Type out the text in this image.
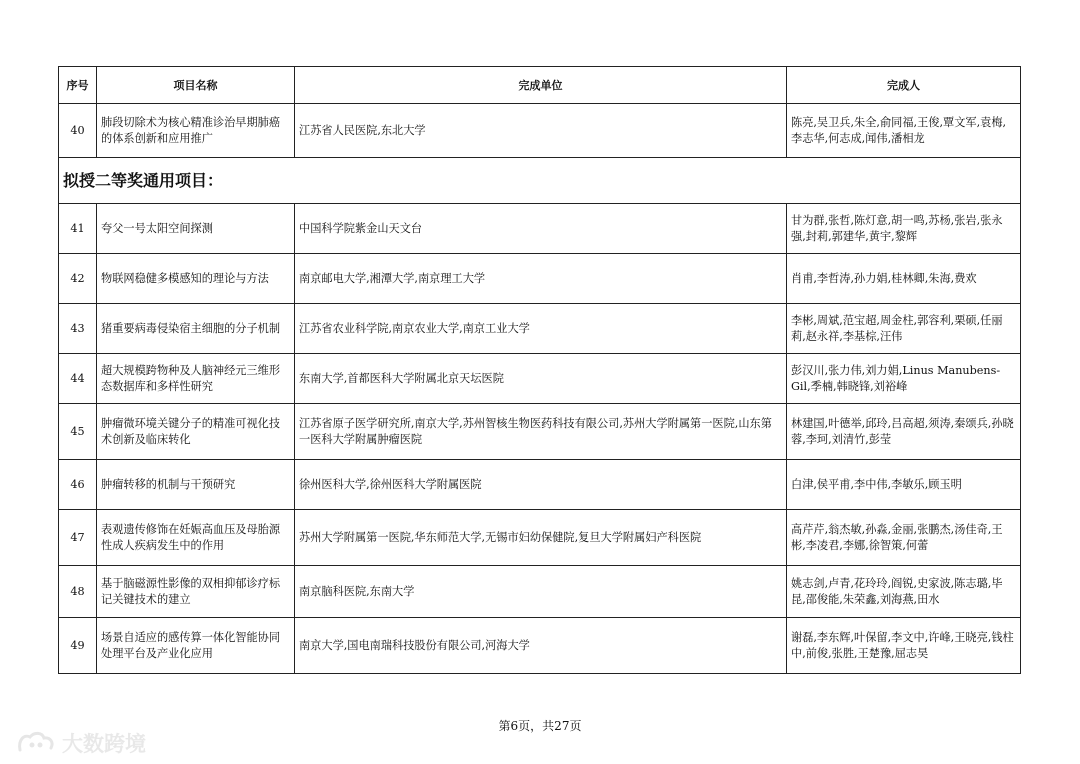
序号	项目名称	完成单位	完成人
40	肺段切除术为核心精准诊治早期肺癌的体系创新和应用推广	江苏省人民医院,东北大学	陈亮,吴卫兵,朱全,俞同福,王俊,覃文军,袁梅,李志华,何志成,闻伟,潘相龙
拟授二等奖通用项目：			
41	夸父一号太阳空间探测	中国科学院紫金山天文台	甘为群,张哲,陈灯意,胡一鸣,苏杨,张岩,张永强,封莉,郭建华,黄宇,黎辉
42	物联网稳健多模感知的理论与方法	南京邮电大学,湘潭大学,南京理工大学	肖甫,李哲涛,孙力娟,桂林卿,朱海,费欢
43	猪重要病毒侵染宿主细胞的分子机制	江苏省农业科学院,南京农业大学,南京工业大学	李彬,周斌,范宝超,周金柱,郭容利,栗硕,任丽莉,赵永祥,李基棕,汪伟
44	超大规模跨物种及人脑神经元三维形态数据库和多样性研究	东南大学,首都医科大学附属北京天坛医院	彭汉川,张力伟,刘力娟,Linus Manubens-Gil,季楠,韩晓锋,刘裕峰
45	肿瘤微环境关键分子的精准可视化技术创新及临床转化	江苏省原子医学研究所,南京大学,苏州智核生物医药科技有限公司,苏州大学附属第一医院,山东第一医科大学附属肿瘤医院	林建国,叶德举,邱玲,吕高超,须涛,秦颂兵,孙晓蓉,李珂,刘清竹,彭莹
46	肿瘤转移的机制与干预研究	徐州医科大学,徐州医科大学附属医院	白津,侯平甫,李中伟,李敏乐,顾玉明
47	表观遗传修饰在妊娠高血压及母胎源性成人疾病发生中的作用	苏州大学附属第一医院,华东师范大学,无锡市妇幼保健院,复旦大学附属妇产科医院	高芹芹,翁杰敏,孙淼,金丽,张鹏杰,汤佳奇,王彬,李凌君,李娜,徐智策,何蕾
48	基于脑磁源性影像的双相抑郁诊疗标记关键技术的建立	南京脑科医院,东南大学	姚志剑,卢青,花玲玲,阎锐,史家波,陈志璐,毕昆,邵俊能,朱荣鑫,刘海燕,田水
49	场景自适应的感传算一体化智能协同处理平台及产业化应用	南京大学,国电南瑞科技股份有限公司,河海大学	谢磊,李东辉,叶保留,李文中,许峰,王晓亮,钱柱中,前俊,张胜,王楚豫,屈志昊
第6页，共27页
大数跨境
